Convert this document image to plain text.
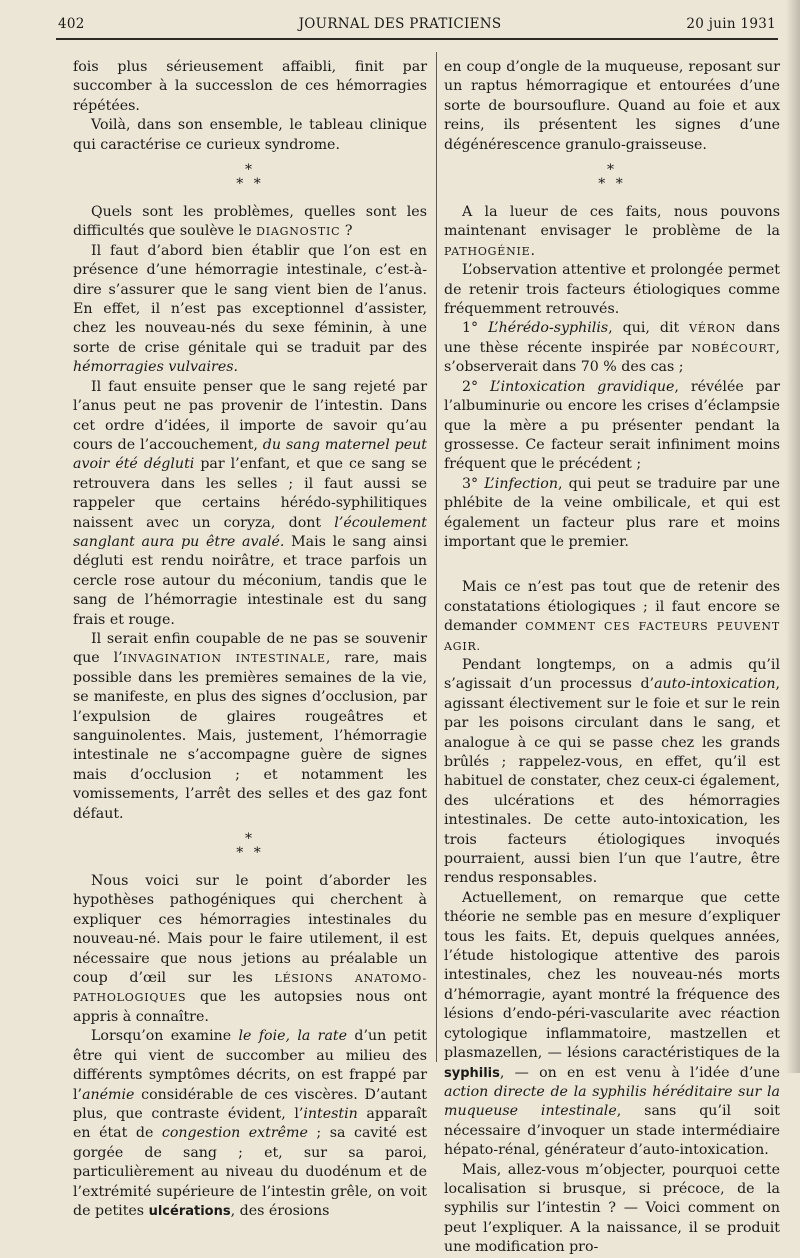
402	JOURNAL DES PRATICIENS	20 juin 1931

fois plus sérieusement affaibli, finit par succomber à la successlon de ces hémorragies répétées.

Voilà, dans son ensemble, le tableau clinique qui caractérise ce curieux syndrome.

*
* *

Quels sont les problèmes, quelles sont les difficultés que soulève le DIAGNOSTIC ?

Il faut d’abord bien établir que l’on est en présence d’une hémorragie intestinale, c’est-à-dire s’assurer que le sang vient bien de l’anus. En effet, il n’est pas exceptionnel d’assister, chez les nouveau-nés du sexe féminin, à une sorte de crise génitale qui se traduit par des hémorragies vulvaires.

Il faut ensuite penser que le sang rejeté par l’anus peut ne pas provenir de l’intestin. Dans cet ordre d’idées, il importe de savoir qu’au cours de l’accouchement, du sang maternel peut avoir été dégluti par l’enfant, et que ce sang se retrouvera dans les selles ; il faut aussi se rappeler que certains hérédo-syphilitiques naissent avec un coryza, dont l’écoulement sanglant aura pu être avalé. Mais le sang ainsi dégluti est rendu noirâtre, et trace parfois un cercle rose autour du méconium, tandis que le sang de l’hémorragie intestinale est du sang frais et rouge.

Il serait enfin coupable de ne pas se souvenir que l’INVAGINATION INTESTINALE, rare, mais possible dans les premières semaines de la vie, se manifeste, en plus des signes d’occlusion, par l’expulsion de glaires rougeâtres et sanguinolentes. Mais, justement, l’hémorragie intestinale ne s’accompagne guère de signes mais d’occlusion ; et notamment les vomissements, l’arrêt des selles et des gaz font défaut.

*
* *

Nous voici sur le point d’aborder les hypothèses pathogéniques qui cherchent à expliquer ces hémorragies intestinales du nouveau-né. Mais pour le faire utilement, il est nécessaire que nous jetions au préalable un coup d’œil sur les LÉSIONS ANATOMO-PATHOLOGIQUES que les autopsies nous ont appris à connaître.

Lorsqu’on examine le foie, la rate d’un petit être qui vient de succomber au milieu des différents symptômes décrits, on est frappé par l’anémie considérable de ces viscères. D’autant plus, que contraste évident, l’intestin apparaît en état de congestion extrême ; sa cavité est gorgée de sang ; et, sur sa paroi, particulièrement au niveau du duodénum et de l’extrémité supérieure de l’intestin grêle, on voit de petites ulcérations, des érosions

en coup d’ongle de la muqueuse, reposant sur un raptus hémorragique et entourées d’une sorte de boursouflure. Quand au foie et aux reins, ils présentent les signes d’une dégénérescence granulo-graisseuse.

*
* *

A la lueur de ces faits, nous pouvons maintenant envisager le problème de la PATHOGÉNIE.

L’observation attentive et prolongée permet de retenir trois facteurs étiologiques comme fréquemment retrouvés.

1° L’hérédo-syphilis, qui, dit VÉRON dans une thèse récente inspirée par NOBÉCOURT, s’observerait dans 70 % des cas ;

2° L’intoxication gravidique, révélée par l’albuminurie ou encore les crises d’éclampsie que la mère a pu présenter pendant la grossesse. Ce facteur serait infiniment moins fréquent que le précédent ;

3° L’infection, qui peut se traduire par une phlébite de la veine ombilicale, et qui est également un facteur plus rare et moins important que le premier.

Mais ce n’est pas tout que de retenir des constatations étiologiques ; il faut encore se demander COMMENT CES FACTEURS PEUVENT AGIR.

Pendant longtemps, on a admis qu’il s’agissait d’un processus d’auto-intoxication, agissant électivement sur le foie et sur le rein par les poisons circulant dans le sang, et analogue à ce qui se passe chez les grands brûlés ; rappelez-vous, en effet, qu’il est habituel de constater, chez ceux-ci également, des ulcérations et des hémorragies intestinales. De cette auto-intoxication, les trois facteurs étiologiques invoqués pourraient, aussi bien l’un que l’autre, être rendus responsables.

Actuellement, on remarque que cette théorie ne semble pas en mesure d’expliquer tous les faits. Et, depuis quelques années, l’étude histologique attentive des parois intestinales, chez les nouveau-nés morts d’hémorragie, ayant montré la fréquence des lésions d’endo-péri-vascularite avec réaction cytologique inflammatoire, mastzellen et plasmazellen, — lésions caractéristiques de la syphilis, — on en est venu à l’idée d’une action directe de la syphilis héréditaire sur la muqueuse intestinale, sans qu’il soit nécessaire d’invoquer un stade intermédiaire hépato-rénal, générateur d’auto-intoxication.

Mais, allez-vous m’objecter, pourquoi cette localisation si brusque, si précoce, de la syphilis sur l’intestin ? — Voici comment on peut l’expliquer. A la naissance, il se produit une modification pro-
